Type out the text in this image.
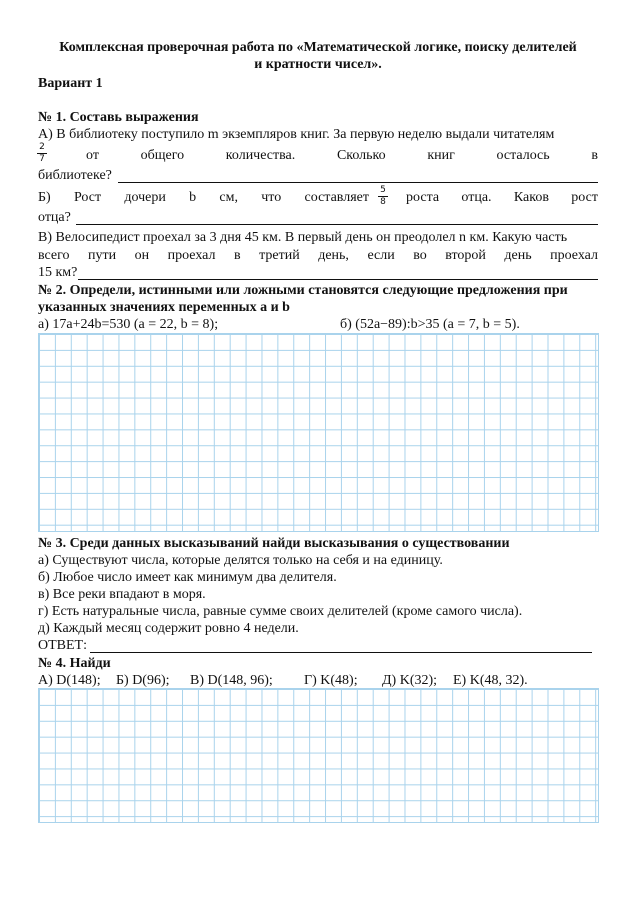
Комплексная проверочная работа по «Математической логике, поиску делителей
и кратности чисел».
Вариант 1
№ 1. Составь выражения
А) В библиотеку поступило m экземпляров книг. За первую неделю выдали читателям
2
7	от	общего	количества.	Сколько	книг	осталось	в
библиотеке?
Б) Рост дочери b см, что составляет 5
8 роста отца. Каков рост
отца?
В) Велосипедист проехал за 3 дня 45 км. В первый день он преодолел n км. Какую часть
всего пути он проехал в третий день, если во второй день проехал
15 км?
№ 2. Определи, истинными или ложными становятся следующие предложения при
указанных значениях переменных a и b
а) 17a+24b=530 (a = 22, b = 8);	б) (52a−89):b>35 (a = 7, b = 5).
№ 3. Среди данных высказываний найди высказывания о существовании
а) Существуют числа, которые делятся только на себя и на единицу.
б) Любое число имеет как минимум два делителя.
в) Все реки впадают в моря.
г) Есть натуральные числа, равные сумме своих делителей (кроме самого числа).
д) Каждый месяц содержит ровно 4 недели.
ОТВЕТ:
№ 4. Найди
А) D(148); Б) D(96); В) D(148, 96); Г) K(48); Д) K(32); Е) K(48, 32).
